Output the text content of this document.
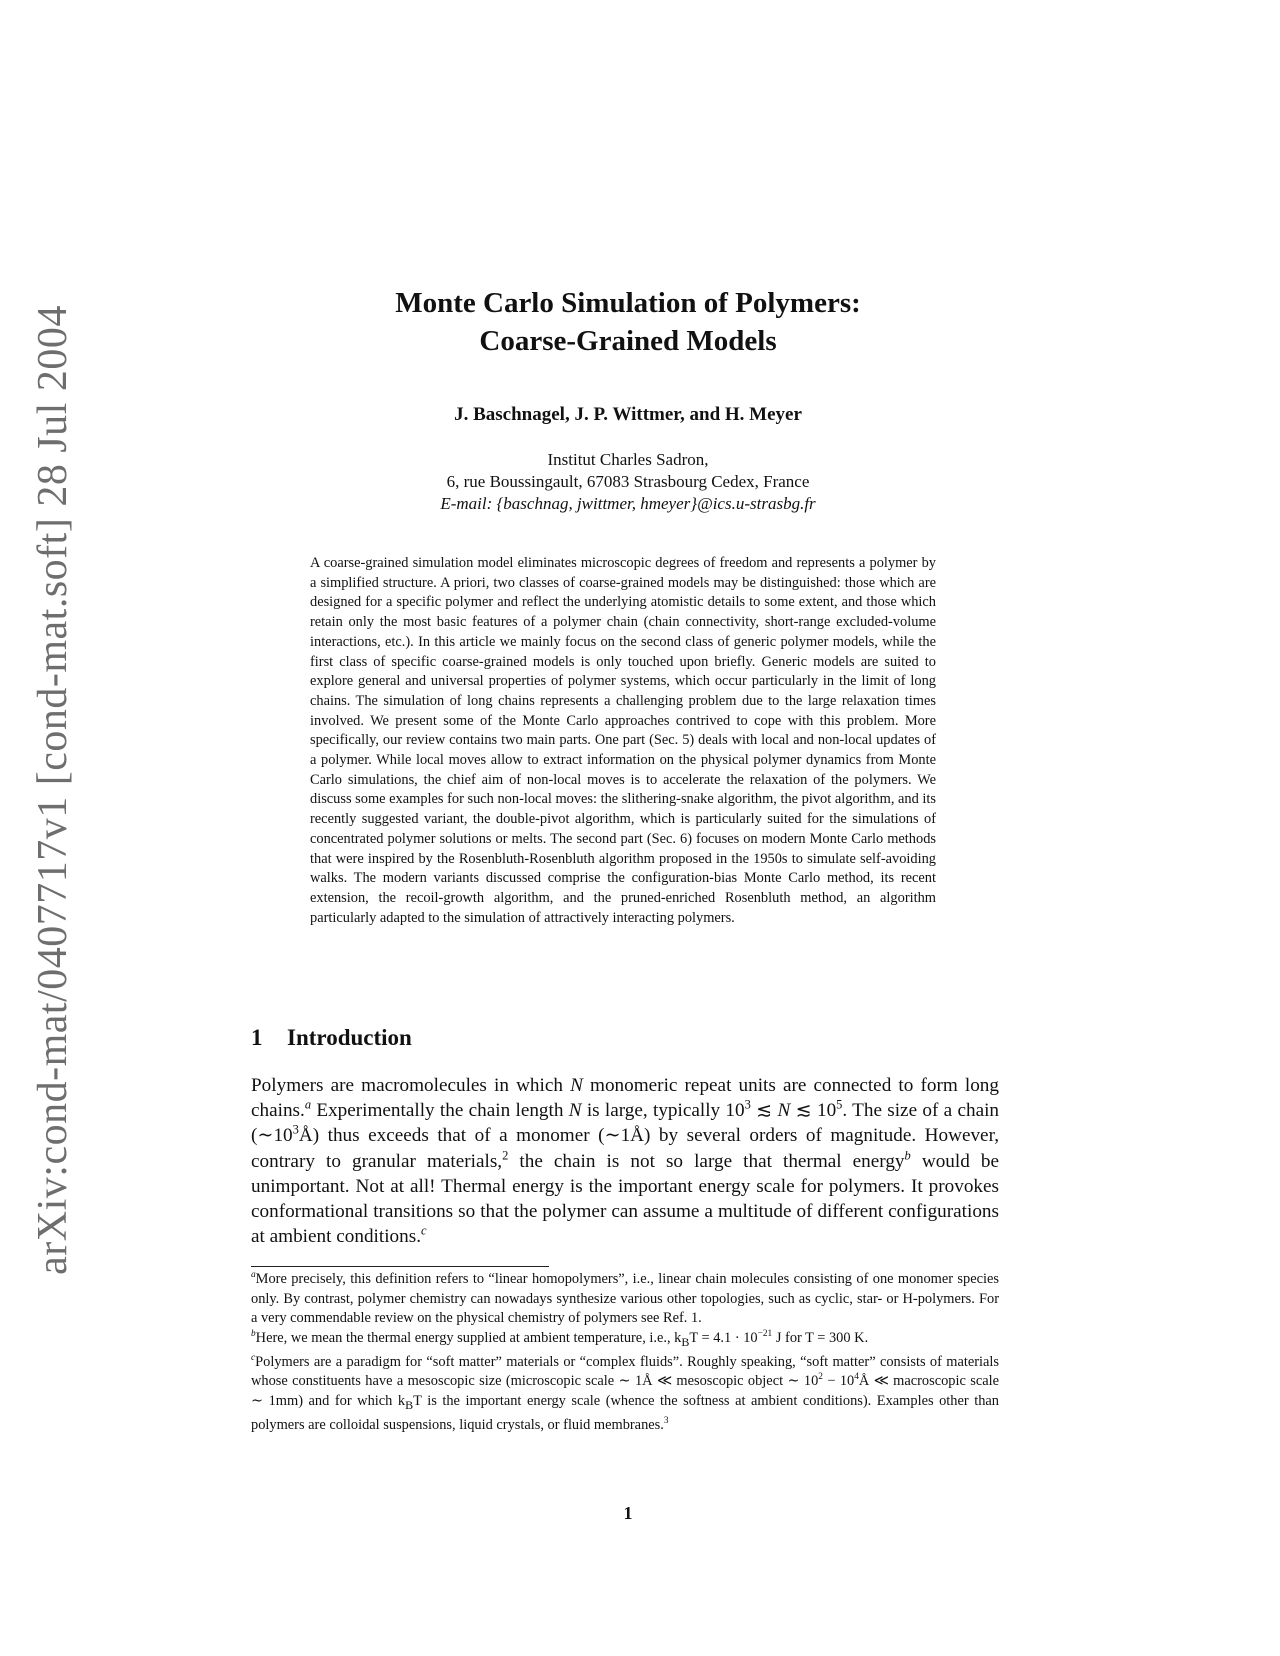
arXiv:cond-mat/0407717v1 [cond-mat.soft] 28 Jul 2004
Monte Carlo Simulation of Polymers:
Coarse-Grained Models
J. Baschnagel, J. P. Wittmer, and H. Meyer
Institut Charles Sadron,
6, rue Boussingault, 67083 Strasbourg Cedex, France
E-mail: {baschnag, jwittmer, hmeyer}@ics.u-strasbg.fr
A coarse-grained simulation model eliminates microscopic degrees of freedom and represents a polymer by a simplified structure. A priori, two classes of coarse-grained models may be distinguished: those which are designed for a specific polymer and reflect the underlying atomistic details to some extent, and those which retain only the most basic features of a polymer chain (chain connectivity, short-range excluded-volume interactions, etc.). In this article we mainly focus on the second class of generic polymer models, while the first class of specific coarse-grained models is only touched upon briefly. Generic models are suited to explore general and universal properties of polymer systems, which occur particularly in the limit of long chains. The simulation of long chains represents a challenging problem due to the large relaxation times involved. We present some of the Monte Carlo approaches contrived to cope with this problem. More specifically, our review contains two main parts. One part (Sec. 5) deals with local and non-local updates of a polymer. While local moves allow to extract information on the physical polymer dynamics from Monte Carlo simulations, the chief aim of non-local moves is to accelerate the relaxation of the polymers. We discuss some examples for such non-local moves: the slithering-snake algorithm, the pivot algorithm, and its recently suggested variant, the double-pivot algorithm, which is particularly suited for the simulations of concentrated polymer solutions or melts. The second part (Sec. 6) focuses on modern Monte Carlo methods that were inspired by the Rosenbluth-Rosenbluth algorithm proposed in the 1950s to simulate self-avoiding walks. The modern variants discussed comprise the configuration-bias Monte Carlo method, its recent extension, the recoil-growth algorithm, and the pruned-enriched Rosenbluth method, an algorithm particularly adapted to the simulation of attractively interacting polymers.
1 Introduction
Polymers are macromolecules in which N monomeric repeat units are connected to form long chains.$^a$ Experimentally the chain length N is large, typically $10^3$ ≲ N ≲ $10^5$. The size of a chain $(\sim 10^3Å)$ thus exceeds that of a monomer (∼1Å) by several orders of magnitude. However, contrary to granular materials,$^2$ the chain is not so large that thermal energy$^b$ would be unimportant. Not at all! Thermal energy is the important energy scale for polymers. It provokes conformational transitions so that the polymer can assume a multitude of different configurations at ambient conditions.$^c$

$^a$More precisely, this definition refers to “linear homopolymers”, i.e., linear chain molecules consisting of one monomer species only. By contrast, polymer chemistry can nowadays synthesize various other topologies, such as cyclic, star- or H-polymers. For a very commendable review on the physical chemistry of polymers see Ref. 1.

$^b$Here, we mean the thermal energy supplied at ambient temperature, i.e., $k_BT = 4.1 \cdot 10^{-21}$ J for T = 300 K.

$^c$Polymers are a paradigm for “soft matter” materials or “complex fluids”. Roughly speaking, “soft matter” consists of materials whose constituents have a mesoscopic size (microscopic scale ∼ 1Å ≪ mesoscopic object ∼ $10^2$ − $10^4Å$ ≪ macroscopic scale ∼ 1mm) and for which $k_BT$ is the important energy scale (whence the softness at ambient conditions). Examples other than polymers are colloidal suspensions, liquid crystals, or fluid membranes.$^3$

1
